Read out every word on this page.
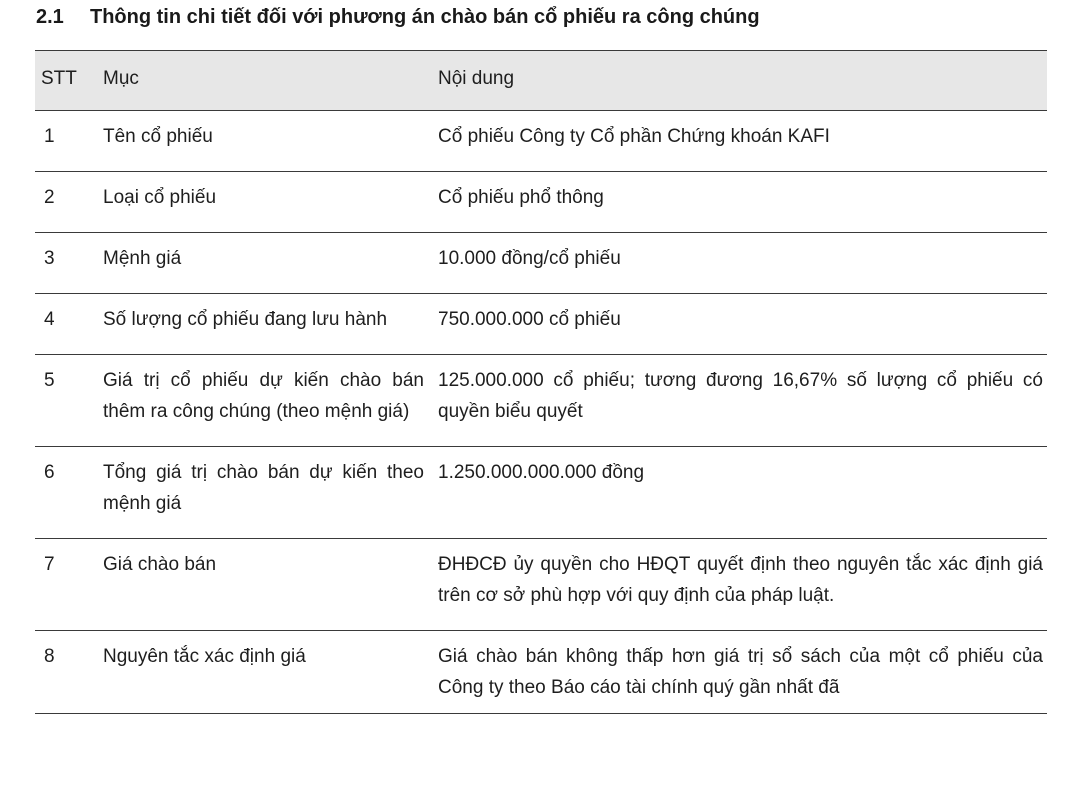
2.1 Thông tin chi tiết đối với phương án chào bán cổ phiếu ra công chúng
STT	Mục	Nội dung
1	Tên cổ phiếu	Cổ phiếu Công ty Cổ phần Chứng khoán KAFI
2	Loại cổ phiếu	Cổ phiếu phổ thông
3	Mệnh giá	10.000 đồng/cổ phiếu
4	Số lượng cổ phiếu đang lưu hành	750.000.000 cổ phiếu
5	Giá trị cổ phiếu dự kiến chào bán thêm ra công chúng (theo mệnh giá)	125.000.000 cổ phiếu; tương đương 16,67% số lượng cổ phiếu có quyền biểu quyết
6	Tổng giá trị chào bán dự kiến theo mệnh giá	1.250.000.000.000 đồng
7	Giá chào bán	ĐHĐCĐ ủy quyền cho HĐQT quyết định theo nguyên tắc xác định giá trên cơ sở phù hợp với quy định của pháp luật.
8	Nguyên tắc xác định giá	Giá chào bán không thấp hơn giá trị sổ sách của một cổ phiếu của Công ty theo Báo cáo tài chính quý gần nhất đã
